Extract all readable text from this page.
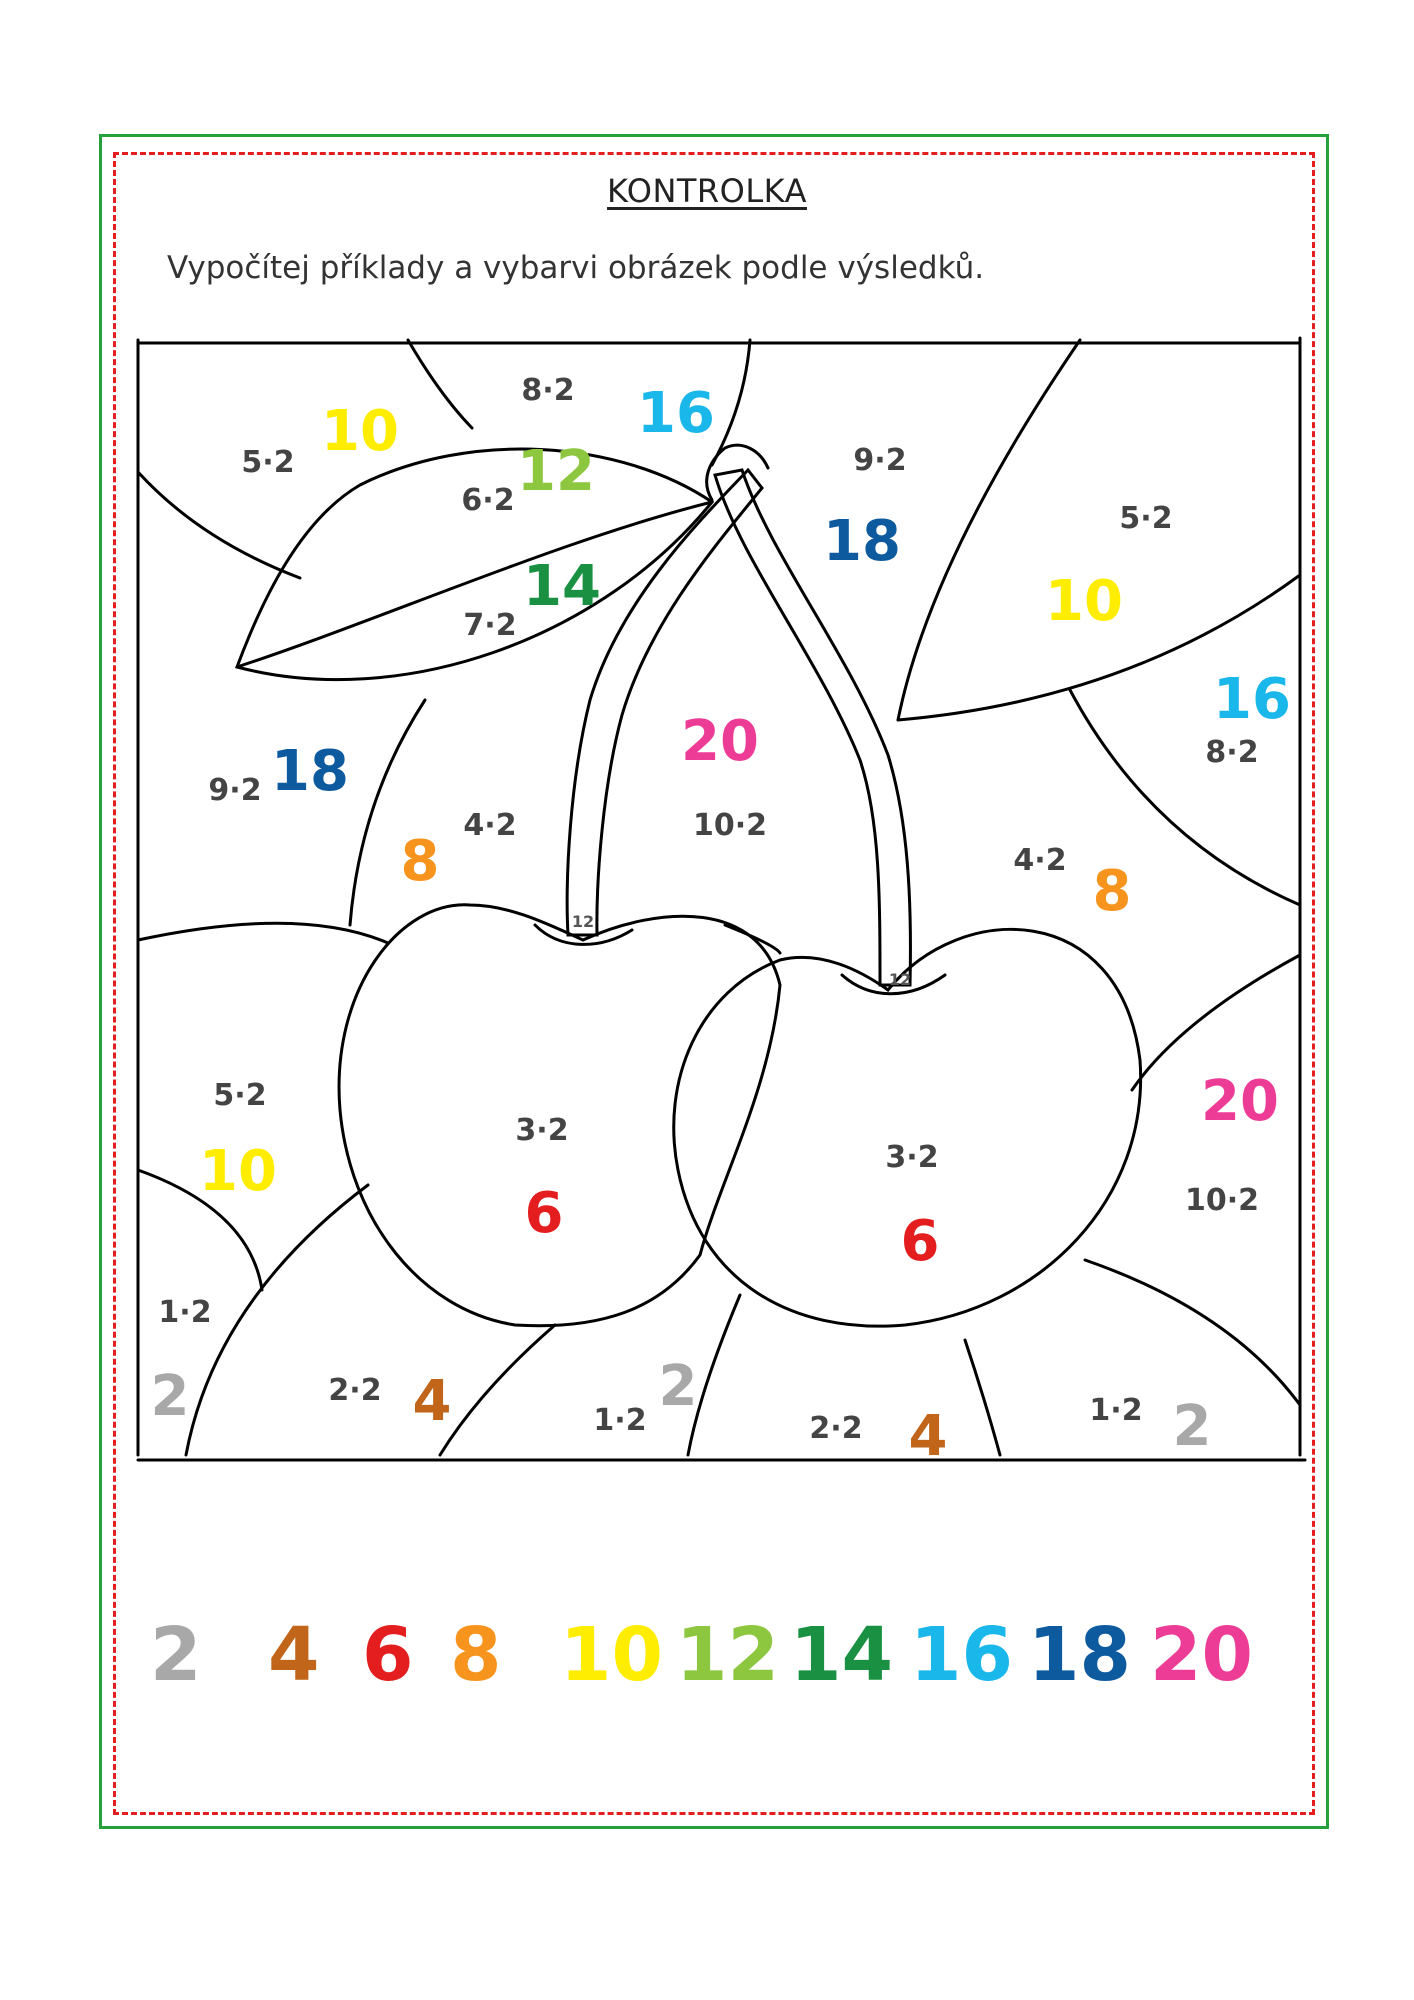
KONTROLKA
Vypočítej příklady a vybarvi obrázek podle výsledků.
8·2 16
5·2 10
6·2 12
7·2
14
9·2
18	5·2
10
8·2
16
9·2 18
4·2
8
10·2
20
4·2 8
5·2
10
3·2
6
3·2
6
10·2
20
1·2
2	2·2 4	1·2
2
2·2 4	1·2 2
12
12
2 4 6 8 10 12 14 16 18 20
